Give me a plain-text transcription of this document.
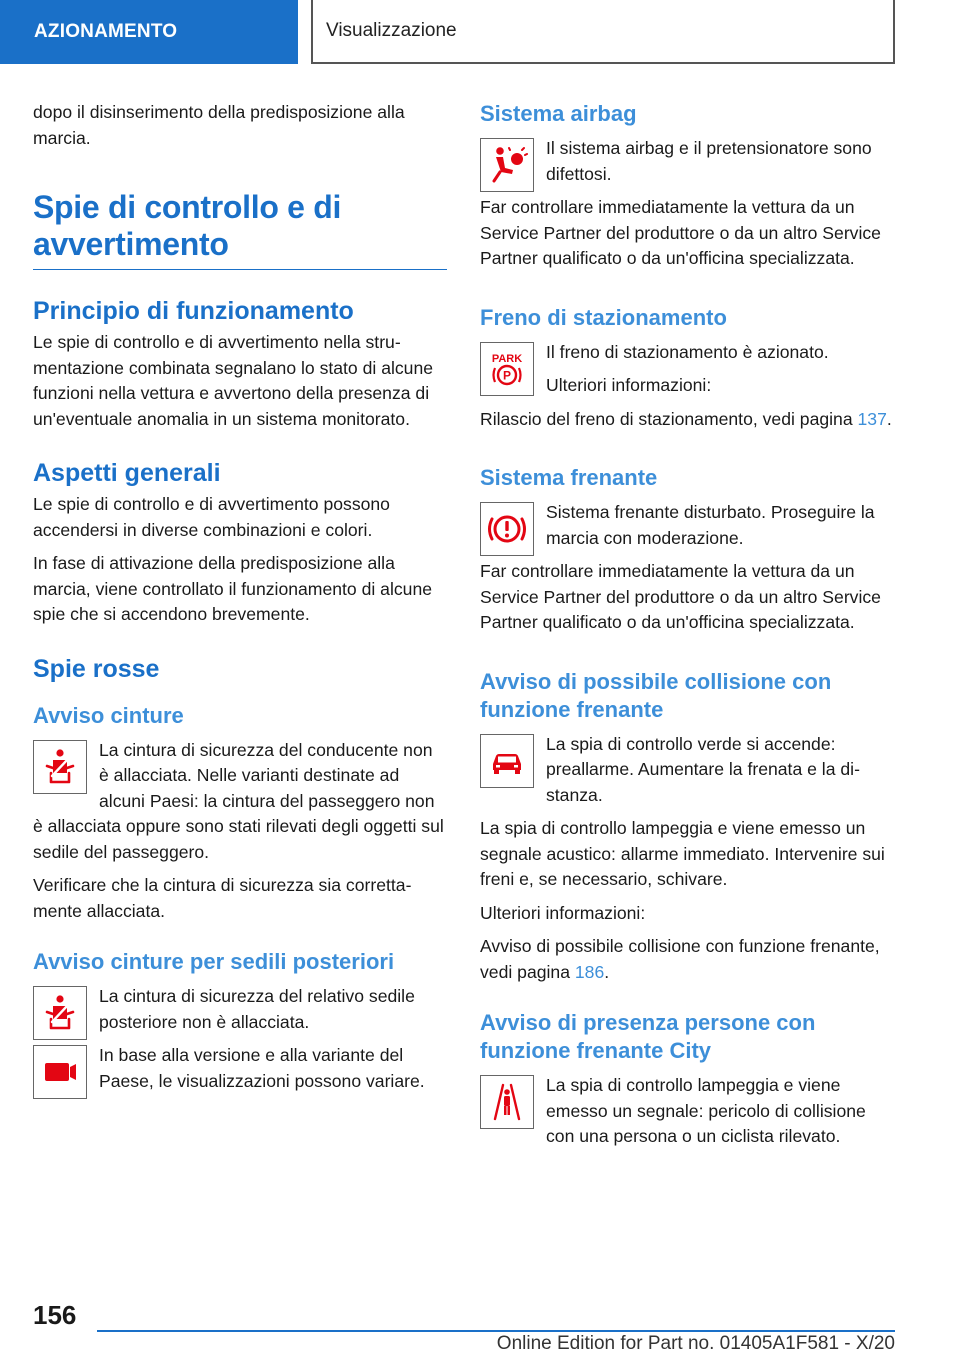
AZIONAMENTO	Visualizzazione

dopo il disinserimento della predisposizione alla marcia.

Spie di controllo e di avvertimento
Principio di funzionamento

Le spie di controllo e di avvertimento nella strumentazione combinata segnalano lo stato di alcune funzioni nella vettura e avvertono della presenza di un'eventuale anomalia in un sistema monitorato.

Aspetti generali

Le spie di controllo e di avvertimento possono accendersi in diverse combinazioni e colori.

In fase di attivazione della predisposizione alla marcia, viene controllato il funzionamento di alcune spie che si accendono brevemente.

Spie rosse
Avviso cinture

La cintura di sicurezza del conducente non è allacciata. Nelle varianti destinate ad alcuni Paesi: la cintura del passeggero non è allacciata oppure sono stati rilevati degli oggetti sul sedile del passeggero.

Verificare che la cintura di sicurezza sia correttamente allacciata.

Avviso cinture per sedili posteriori

La cintura di sicurezza del relativo sedile posteriore non è allacciata.

In base alla versione e alla variante del Paese, le visualizzazioni possono variare.

Sistema airbag

Il sistema airbag e il pretensionatore sono difettosi.

Far controllare immediatamente la vettura da un Service Partner del produttore o da un altro Service Partner qualificato o da un'officina specializzata.

Freno di stazionamento
PARK
P

Il freno di stazionamento è azionato.

Ulteriori informazioni:

Rilascio del freno di stazionamento, vedi pagina 137.

Sistema frenante

Sistema frenante disturbato. Proseguire la marcia con moderazione.

Far controllare immediatamente la vettura da un Service Partner del produttore o da un altro Service Partner qualificato o da un'officina specializzata.

Avviso di possibile collisione con funzione frenante

La spia di controllo verde si accende: preallarme. Aumentare la frenata e la distanza.

La spia di controllo lampeggia e viene emesso un segnale acustico: allarme immediato. Intervenire sui freni e, se necessario, schivare.

Ulteriori informazioni:

Avviso di possibile collisione con funzione frenante, vedi pagina 186.

Avviso di presenza persone con funzione frenante City

La spia di controllo lampeggia e viene emesso un segnale: pericolo di collisione con una persona o un ciclista rilevato.

156
Online Edition for Part no. 01405A1F581 - X/20
